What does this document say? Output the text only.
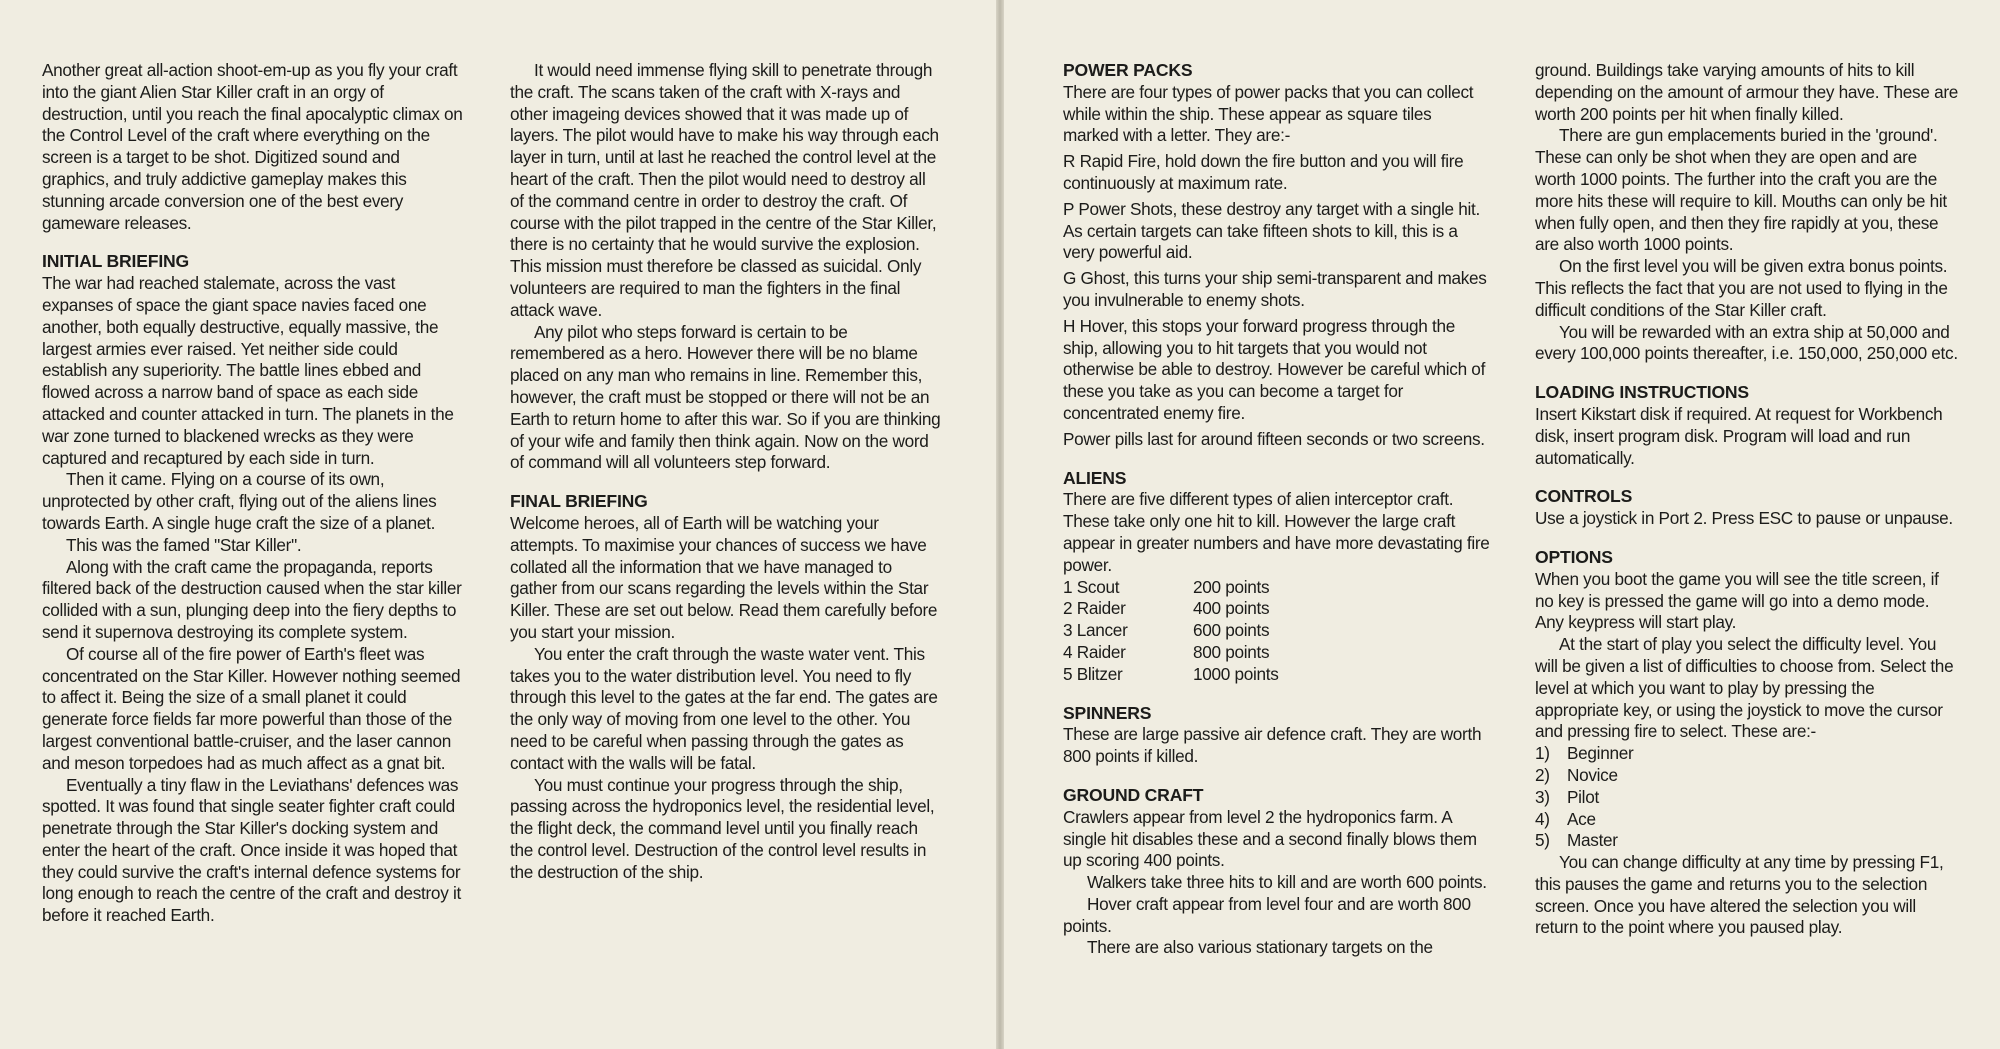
Another great all-action shoot-em-up as you fly your craft into the giant Alien Star Killer craft in an orgy of destruction, until you reach the final apocalyptic climax on the Control Level of the craft where everything on the screen is a target to be shot. Digitized sound and graphics, and truly addictive gameplay makes this stunning arcade conversion one of the best every gameware releases.

INITIAL BRIEFING

The war had reached stalemate, across the vast expanses of space the giant space navies faced one another, both equally destructive, equally massive, the largest armies ever raised. Yet neither side could establish any superiority. The battle lines ebbed and flowed across a narrow band of space as each side attacked and counter attacked in turn. The planets in the war zone turned to blackened wrecks as they were captured and recaptured by each side in turn.

Then it came. Flying on a course of its own, unprotected by other craft, flying out of the aliens lines towards Earth. A single huge craft the size of a planet.

This was the famed "Star Killer".

Along with the craft came the propaganda, reports filtered back of the destruction caused when the star killer collided with a sun, plunging deep into the fiery depths to send it supernova destroying its complete system.

Of course all of the fire power of Earth's fleet was concentrated on the Star Killer. However nothing seemed to affect it. Being the size of a small planet it could generate force fields far more powerful than those of the largest conventional battle-cruiser, and the laser cannon and meson torpedoes had as much affect as a gnat bit.

Eventually a tiny flaw in the Leviathans' defences was spotted. It was found that single seater fighter craft could penetrate through the Star Killer's docking system and enter the heart of the craft. Once inside it was hoped that they could survive the craft's internal defence systems for long enough to reach the centre of the craft and destroy it before it reached Earth.

It would need immense flying skill to penetrate through the craft. The scans taken of the craft with X-rays and other imageing devices showed that it was made up of layers. The pilot would have to make his way through each layer in turn, until at last he reached the control level at the heart of the craft. Then the pilot would need to destroy all of the command centre in order to destroy the craft. Of course with the pilot trapped in the centre of the Star Killer, there is no certainty that he would survive the explosion. This mission must therefore be classed as suicidal. Only volunteers are required to man the fighters in the final attack wave.

Any pilot who steps forward is certain to be remembered as a hero. However there will be no blame placed on any man who remains in line. Remember this, however, the craft must be stopped or there will not be an Earth to return home to after this war. So if you are thinking of your wife and family then think again. Now on the word of command will all volunteers step forward.

FINAL BRIEFING

Welcome heroes, all of Earth will be watching your attempts. To maximise your chances of success we have collated all the information that we have managed to gather from our scans regarding the levels within the Star Killer. These are set out below. Read them carefully before you start your mission.

You enter the craft through the waste water vent. This takes you to the water distribution level. You need to fly through this level to the gates at the far end. The gates are the only way of moving from one level to the other. You need to be careful when passing through the gates as contact with the walls will be fatal.

You must continue your progress through the ship, passing across the hydroponics level, the residential level, the flight deck, the command level until you finally reach the control level. Destruction of the control level results in the destruction of the ship.

POWER PACKS

There are four types of power packs that you can collect while within the ship. These appear as square tiles marked with a letter. They are:-

R Rapid Fire, hold down the fire button and you will fire continuously at maximum rate.

P Power Shots, these destroy any target with a single hit. As certain targets can take fifteen shots to kill, this is a very powerful aid.

G Ghost, this turns your ship semi-transparent and makes you invulnerable to enemy shots.

H Hover, this stops your forward progress through the ship, allowing you to hit targets that you would not otherwise be able to destroy. However be careful which of these you take as you can become a target for concentrated enemy fire.

Power pills last for around fifteen seconds or two screens.

ALIENS

There are five different types of alien interceptor craft. These take only one hit to kill. However the large craft appear in greater numbers and have more devastating fire power.

1 Scout	200 points
2 Raider	400 points
3 Lancer	600 points
4 Raider	800 points
5 Blitzer	1000 points
SPINNERS

These are large passive air defence craft. They are worth 800 points if killed.

GROUND CRAFT

Crawlers appear from level 2 the hydroponics farm. A single hit disables these and a second finally blows them up scoring 400 points.

Walkers take three hits to kill and are worth 600 points.

Hover craft appear from level four and are worth 800 points.

There are also various stationary targets on the

ground. Buildings take varying amounts of hits to kill depending on the amount of armour they have. These are worth 200 points per hit when finally killed.

There are gun emplacements buried in the 'ground'. These can only be shot when they are open and are worth 1000 points. The further into the craft you are the more hits these will require to kill. Mouths can only be hit when fully open, and then they fire rapidly at you, these are also worth 1000 points.

On the first level you will be given extra bonus points. This reflects the fact that you are not used to flying in the difficult conditions of the Star Killer craft.

You will be rewarded with an extra ship at 50,000 and every 100,000 points thereafter, i.e. 150,000, 250,000 etc.

LOADING INSTRUCTIONS

Insert Kikstart disk if required. At request for Workbench disk, insert program disk. Program will load and run automatically.

CONTROLS

Use a joystick in Port 2. Press ESC to pause or unpause.

OPTIONS

When you boot the game you will see the title screen, if no key is pressed the game will go into a demo mode. Any keypress will start play.

At the start of play you select the difficulty level. You will be given a list of difficulties to choose from. Select the level at which you want to play by pressing the appropriate key, or using the joystick to move the cursor and pressing fire to select. These are:-

1)	Beginner
2)	Novice
3)	Pilot
4)	Ace
5)	Master

You can change difficulty at any time by pressing F1, this pauses the game and returns you to the selection screen. Once you have altered the selection you will return to the point where you paused play.
